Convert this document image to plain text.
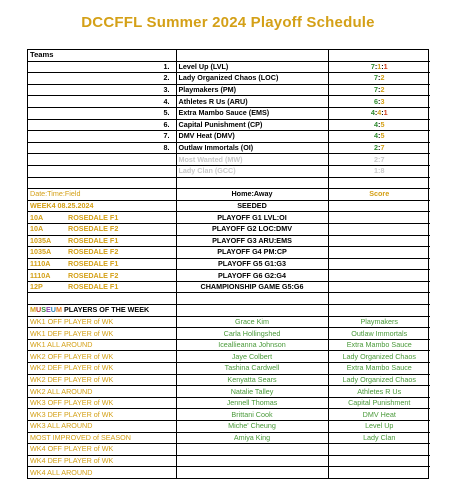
DCCFFL Summer 2024 Playoff Schedule
Teams		
1.	Level Up (LVL)	7:1:1
2.	Lady Organized Chaos (LOC)	7:2
3.	Playmakers (PM)	7:2
4.	Athletes R Us (ARU)	6:3
5.	Extra Mambo Sauce (EMS)	4:4:1
6.	Capital Punishment (CP)	4:5
7.	DMV Heat (DMV)	4:5
8.	Outlaw Immortals (OI)	2:7
	Most Wanted (MW)	2:7
	Lady Clan (GCC)	1:8

Date:Time:Field	Home:Away	Score
WEEK4 08.25.2024	SEEDED	
10A ROSEDALE F1	PLAYOFF G1 LVL:OI	
10A ROSEDALE F2	PLAYOFF G2 LOC:DMV	
1035A ROSEDALE F1	PLAYOFF G3 ARU:EMS	
1035A ROSEDALE F2	PLAYOFF G4 PM:CP	
1110A ROSEDALE F1	PLAYOFF G5 G1:G3	
1110A ROSEDALE F2	PLAYOFF G6 G2:G4	
12P ROSEDALE F1	CHAMPIONSHIP GAME G5:G6	

MUSEUM PLAYERS OF THE WEEK		
WK1 OFF PLAYER of WK	Grace Kim	Playmakers
WK1 DEF PLAYER of WK	Carla Hollingshed	Outlaw Immortals
WK1 ALL AROUND	Iceallieanna Johnson	Extra Mambo Sauce
WK2 OFF PLAYER of WK	Jaye Colbert	Lady Organized Chaos
WK2 DEF PLAYER of WK	Tashina Cardwell	Extra Mambo Sauce
WK2 DEF PLAYER of WK	Kenyatta Sears	Lady Organized Chaos
WK2 ALL AROUND	Natalie Talley	Athletes R Us
WK3 OFF PLAYER of WK	Jennell Thomas	Capital Punishment
WK3 DEF PLAYER of WK	Brittani Cook	DMV Heat
WK3 ALL AROUND	Miche' Cheung	Level Up
MOST IMPROVED of SEASON	Amiya King	Lady Clan
WK4 OFF PLAYER of WK		
WK4 DEF PLAYER of WK		
WK4 ALL AROUND		
